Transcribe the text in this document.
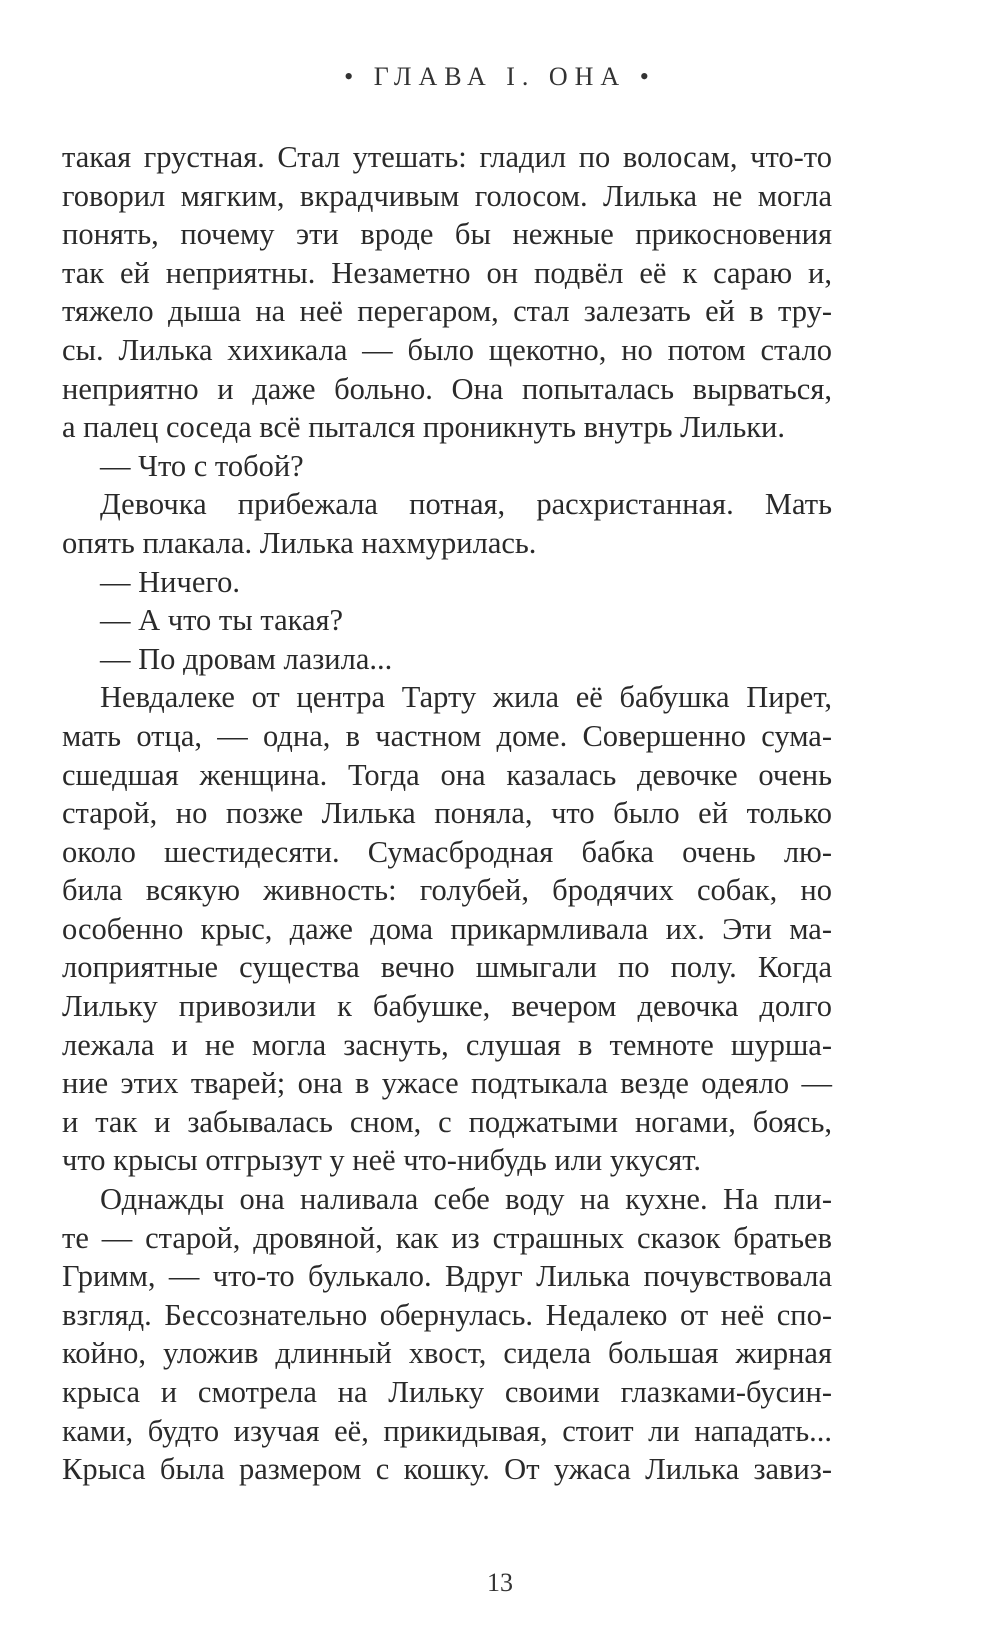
• ГЛАВА I. ОНА •
такая грустная. Стал утешать: гладил по волосам, что-то
говорил мягким, вкрадчивым голосом. Лилька не могла
понять, почему эти вроде бы нежные прикосновения
так ей неприятны. Незаметно он подвёл её к сараю и,
тяжело дыша на неё перегаром, стал залезать ей в тру-
сы. Лилька хихикала — было щекотно, но потом стало
неприятно и даже больно. Она попыталась вырваться,
а палец соседа всё пытался проникнуть внутрь Лильки.
— Что с тобой?
Девочка прибежала потная, расхристанная. Мать
опять плакала. Лилька нахмурилась.
— Ничего.
— А что ты такая?
— По дровам лазила...
Невдалеке от центра Тарту жила её бабушка Пирет,
мать отца, — одна, в частном доме. Совершенно сума-
сшедшая женщина. Тогда она казалась девочке очень
старой, но позже Лилька поняла, что было ей только
около шестидесяти. Сумасбродная бабка очень лю-
била всякую живность: голубей, бродячих собак, но
особенно крыс, даже дома прикармливала их. Эти ма-
лоприятные существа вечно шмыгали по полу. Когда
Лильку привозили к бабушке, вечером девочка долго
лежала и не могла заснуть, слушая в темноте шурша-
ние этих тварей; она в ужасе подтыкала везде одеяло —
и так и забывалась сном, с поджатыми ногами, боясь,
что крысы отгрызут у неё что-нибудь или укусят.
Однажды она наливала себе воду на кухне. На пли-
те — старой, дровяной, как из страшных сказок братьев
Гримм, — что-то булькало. Вдруг Лилька почувствовала
взгляд. Бессознательно обернулась. Недалеко от неё спо-
койно, уложив длинный хвост, сидела большая жирная
крыса и смотрела на Лильку своими глазками-бусин-
ками, будто изучая её, прикидывая, стоит ли нападать...
Крыса была размером с кошку. От ужаса Лилька завиз-
13
